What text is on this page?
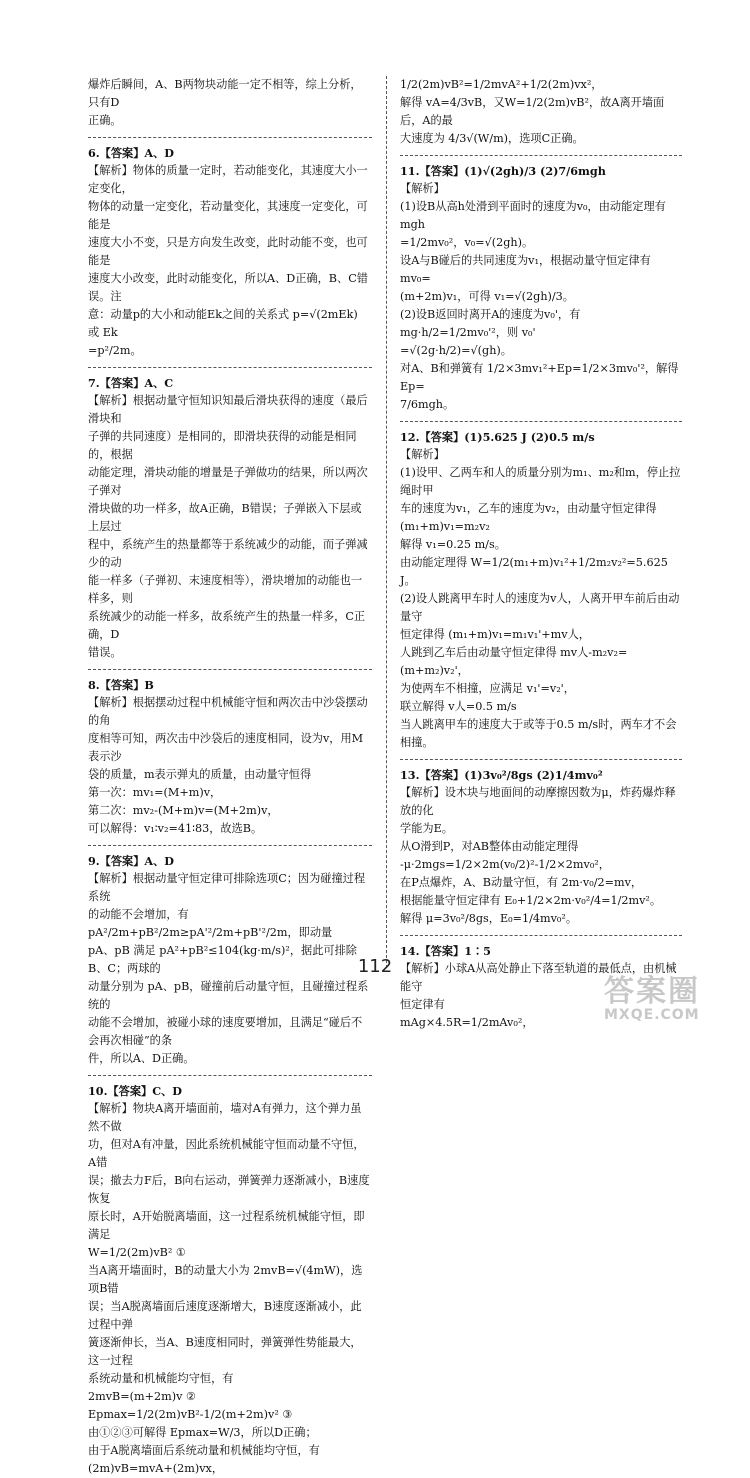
爆炸后瞬间，A、B两物块动能一定不相等，综上分析，只有D

正确。

6.【答案】A、D

【解析】物体的质量一定时，若动能变化，其速度大小一定变化，

物体的动量一定变化，若动量变化，其速度一定变化，可能是

速度大小不变，只是方向发生改变，此时动能不变，也可能是

速度大小改变，此时动能变化，所以A、D正确，B、C错误。注

意：动量p的大小和动能Ek之间的关系式 p=√(2mEk) 或 Ek

=p²/2m。

7.【答案】A、C

【解析】根据动量守恒知识知最后滑块获得的速度（最后滑块和

子弹的共同速度）是相同的，即滑块获得的动能是相同的，根据

动能定理，滑块动能的增量是子弹做功的结果，所以两次子弹对

滑块做的功一样多，故A正确，B错误；子弹嵌入下层或上层过

程中，系统产生的热量都等于系统减少的动能，而子弹减少的动

能一样多（子弹初、末速度相等），滑块增加的动能也一样多，则

系统减少的动能一样多，故系统产生的热量一样多，C正确，D

错误。

8.【答案】B

【解析】根据摆动过程中机械能守恒和两次击中沙袋摆动的角

度相等可知，两次击中沙袋后的速度相同，设为v，用M表示沙

袋的质量，m表示弹丸的质量，由动量守恒得

第一次：mv₁=(M+m)v，

第二次：mv₂-(M+m)v=(M+2m)v，

可以解得：v₁∶v₂=41∶83，故选B。

9.【答案】A、D

【解析】根据动量守恒定律可排除选项C；因为碰撞过程系统

的动能不会增加，有 pA²/2m+pB²/2m≥pA'²/2m+pB'²/2m，即动量

pA、pB 满足 pA²+pB²≤104(kg·m/s)²，据此可排除B、C；两球的

动量分别为 pA、pB，碰撞前后动量守恒，且碰撞过程系统的

动能不会增加，被碰小球的速度要增加，且满足“碰后不会再次相碰”的条

件，所以A、D正确。

10.【答案】C、D

【解析】物块A离开墙面前，墙对A有弹力，这个弹力虽然不做

功，但对A有冲量，因此系统机械能守恒而动量不守恒，A错

误；撤去力F后，B向右运动，弹簧弹力逐渐减小，B速度恢复

原长时，A开始脱离墙面，这一过程系统机械能守恒，即满足

W=1/2(2m)vB² ①

当A离开墙面时，B的动量大小为 2mvB=√(4mW)，选项B错

误；当A脱离墙面后速度逐渐增大，B速度逐渐减小，此过程中弹

簧逐渐伸长，当A、B速度相同时，弹簧弹性势能最大，这一过程

系统动量和机械能均守恒，有

2mvB=(m+2m)v ②

Epmax=1/2(2m)vB²-1/2(m+2m)v² ③

由①②③可解得 Epmax=W/3，所以D正确；

由于A脱离墙面后系统动量和机械能均守恒，有

(2m)vB=mvA+(2m)vx，

1/2(2m)vB²=1/2mvA²+1/2(2m)vx²，

解得 vA=4/3vB，又W=1/2(2m)vB²，故A离开墙面后，A的最

大速度为 4/3√(W/m)，选项C正确。

11.【答案】(1)√(2gh)/3 (2)7/6mgh

【解析】

(1)设B从高h处滑到平面时的速度为v₀，由动能定理有 mgh

=1/2mv₀²，v₀=√(2gh)。

设A与B碰后的共同速度为v₁，根据动量守恒定律有 mv₀=

(m+2m)v₁，可得 v₁=√(2gh)/3。

(2)设B返回时离开A的速度为v₀'，有 mg·h/2=1/2mv₀'²，则 v₀'

=√(2g·h/2)=√(gh)。

对A、B和弹簧有 1/2×3mv₁²+Ep=1/2×3mv₀'²，解得 Ep=

7/6mgh。

12.【答案】(1)5.625 J (2)0.5 m/s

【解析】

(1)设甲、乙两车和人的质量分别为m₁、m₂和m，停止拉绳时甲

车的速度为v₁，乙车的速度为v₂，由动量守恒定律得

(m₁+m)v₁=m₂v₂

解得 v₁=0.25 m/s。

由动能定理得 W=1/2(m₁+m)v₁²+1/2m₂v₂²=5.625 J。

(2)设人跳离甲车时人的速度为v人，人离开甲车前后由动量守

恒定律得 (m₁+m)v₁=m₁v₁'+mv人，

人跳到乙车后由动量守恒定律得 mv人-m₂v₂=(m+m₂)v₂'，

为使两车不相撞，应满足 v₁'=v₂'，

联立解得 v人=0.5 m/s

当人跳离甲车的速度大于或等于0.5 m/s时，两车才不会相撞。

13.【答案】(1)3v₀²/8gs (2)1/4mv₀²

【解析】设木块与地面间的动摩擦因数为μ，炸药爆炸释放的化

学能为E。

从O滑到P，对AB整体由动能定理得

-μ·2mgs=1/2×2m(v₀/2)²-1/2×2mv₀²，

在P点爆炸，A、B动量守恒，有 2m·v₀/2=mv，

根据能量守恒定律有 E₀+1/2×2m·v₀²/4=1/2mv²。

解得 μ=3v₀²/8gs，E₀=1/4mv₀²。

14.【答案】1∶5

【解析】小球A从高处静止下落至轨道的最低点，由机械能守

恒定律有

mAg×4.5R=1/2mAv₀²，

112
答案圈
MXQE.COM
